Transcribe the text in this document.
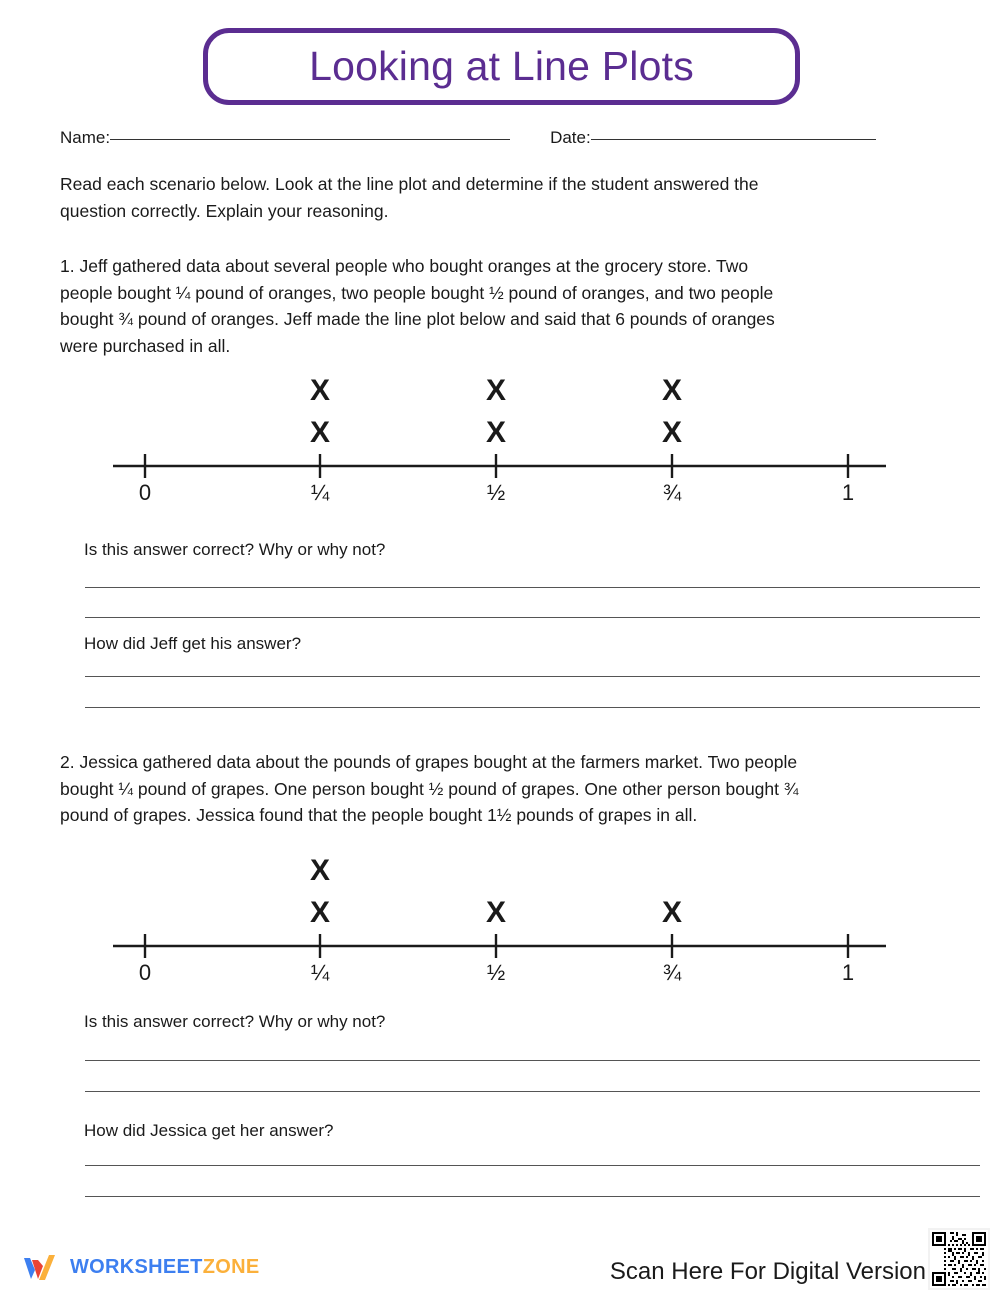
Looking at Line Plots
Name:	Date:
Read each scenario below. Look at the line plot and determine if the student answered the question correctly. Explain your reasoning.
1. Jeff gathered data about several people who bought oranges at the grocery store. Two people bought ¼ pound of oranges, two people bought ½ pound of oranges, and two people bought ¾ pound of oranges. Jeff made the line plot below and said that 6 pounds of oranges were purchased in all.
X	X	X
X	X	X
0	¼	½	¾	1
Is this answer correct? Why or why not?
How did Jeff get his answer?
2. Jessica gathered data about the pounds of grapes bought at the farmers market. Two people bought ¼ pound of grapes. One person bought ½ pound of grapes. One other person bought ¾ pound of grapes. Jessica found that the people bought 1½ pounds of grapes in all.
X
X	X	X
0	¼	½	¾	1
Is this answer correct? Why or why not?
How did Jessica get her answer?
WORKSHEETZONE	Scan Here For Digital Version
